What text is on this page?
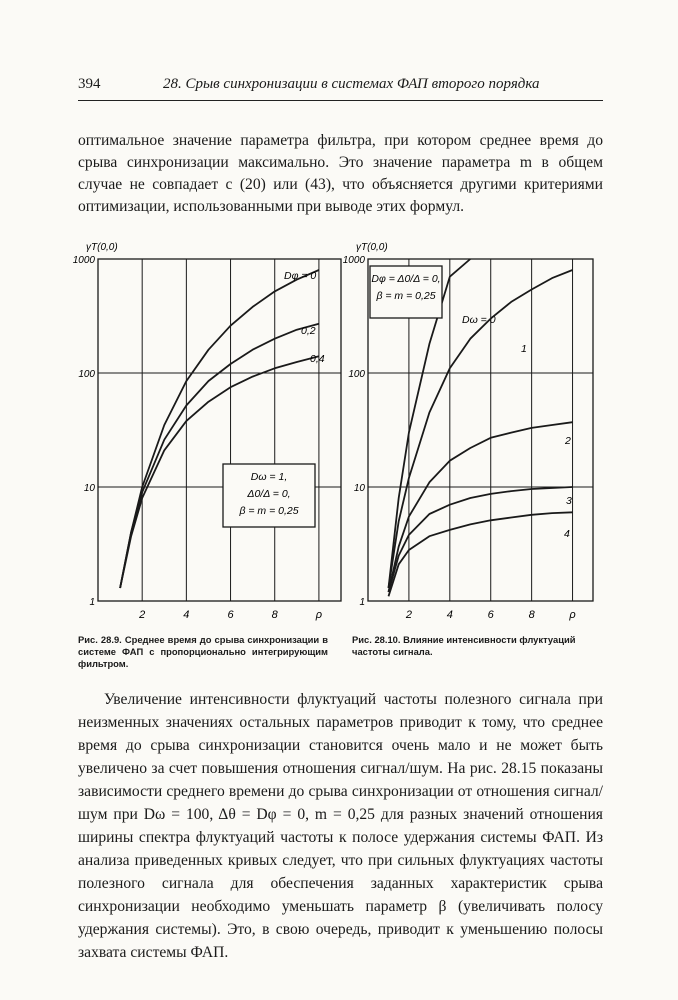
394	28. Срыв синхронизации в системах ФАП второго порядка

оптимальное значение параметра фильтра, при котором среднее время до срыва синхронизации максимально. Это значение параметра m в общем случае не совпадает с (20) или (43), что объясняется другими критериями оптимизации, использованными при выводе этих формул.

1
10
100
1000
2	4	6	8	ρ
γT(0,0)
Dφ = 0
0,2
0,4
Dω = 1,
Δ0/Δ = 0,
β = m = 0,25
1
10
100
1000
2	4	6	8	ρ
γT(0,0)
Dω = 0
1
2
3
4
Dφ = Δ0/Δ = 0,
β = m = 0,25

Рис. 28.9. Среднее время до срыва синхронизации в системе ФАП с пропорционально интегрирующим фильтром.

Рис. 28.10. Влияние интенсивности флуктуаций частоты сигнала.

Увеличение интенсивности флуктуаций частоты полезного сигнала при неизменных значениях остальных параметров приводит к тому, что среднее время до срыва синхронизации становится очень мало и не может быть увеличено за счет повышения отношения сигнал/шум. На рис. 28.15 показаны зависимости среднего времени до срыва синхронизации от отношения сигнал/шум при Dω = 100, Δθ = Dφ = 0, m = 0,25 для разных значений отношения ширины спектра флуктуаций частоты к полосе удержания системы ФАП. Из анализа приведенных кривых следует, что при сильных флуктуациях частоты полезного сигнала для обеспечения заданных характеристик срыва синхронизации необходимо уменьшать параметр β (увеличивать полосу удержания системы). Это, в свою очередь, приводит к уменьшению полосы захвата системы ФАП.
